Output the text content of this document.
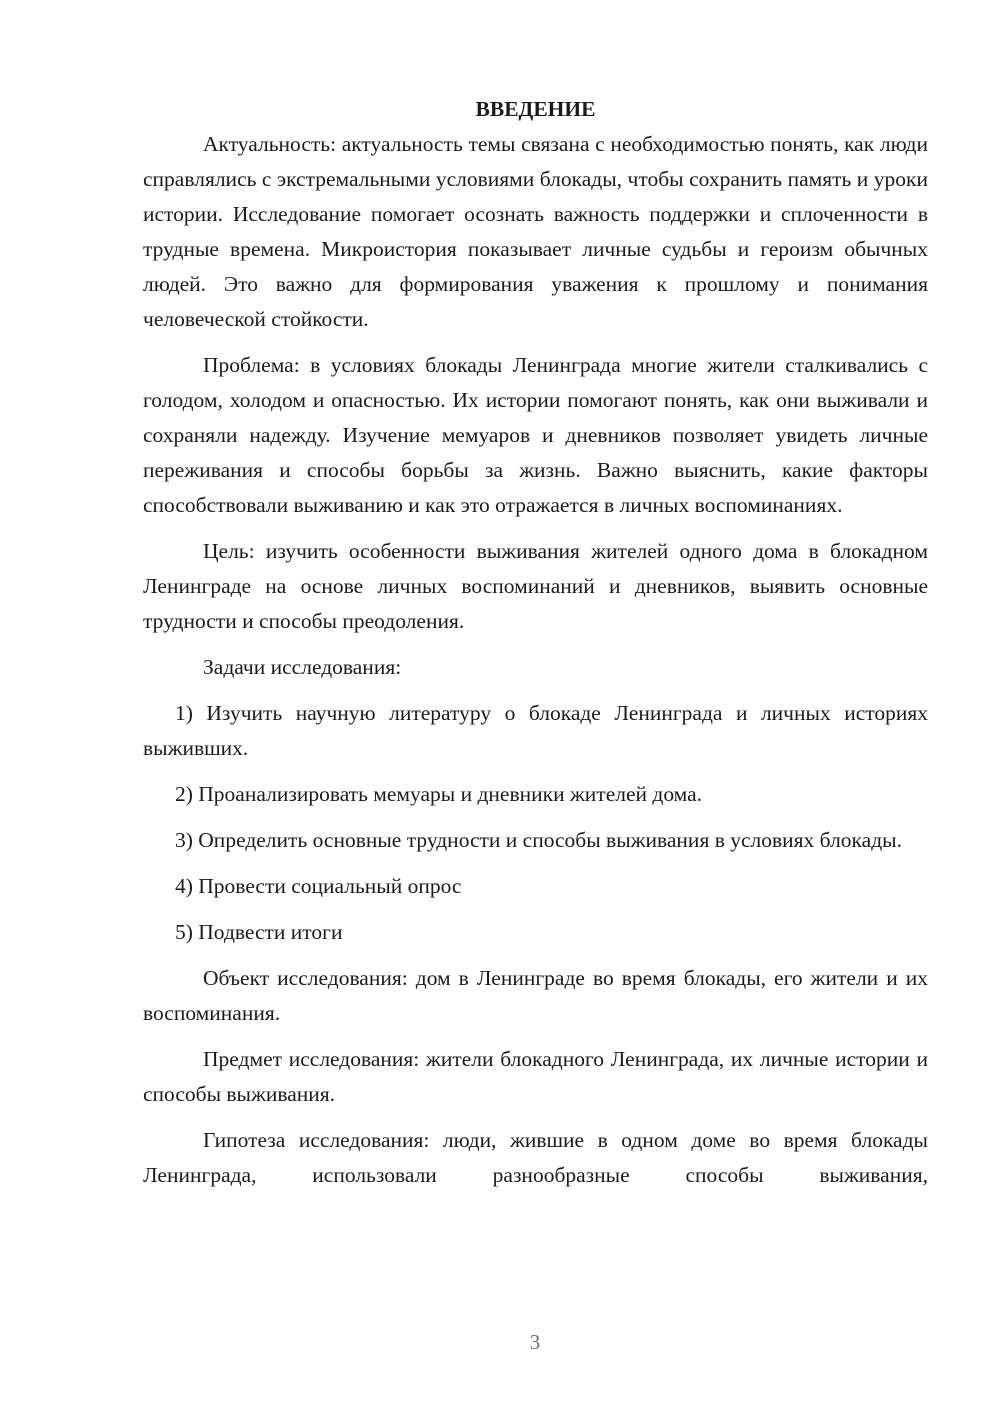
ВВЕДЕНИЕ

Актуальность: актуальность темы связана с необходимостью понять, как люди справлялись с экстремальными условиями блокады, чтобы сохранить память и уроки истории. Исследование помогает осознать важность поддержки и сплоченности в трудные времена. Микроистория показывает личные судьбы и героизм обычных людей. Это важно для формирования уважения к прошлому и понимания человеческой стойкости.

Проблема: в условиях блокады Ленинграда многие жители сталкивались с голодом, холодом и опасностью. Их истории помогают понять, как они выживали и сохраняли надежду. Изучение мемуаров и дневников позволяет увидеть личные переживания и способы борьбы за жизнь. Важно выяснить, какие факторы способствовали выживанию и как это отражается в личных воспоминаниях.

Цель: изучить особенности выживания жителей одного дома в блокадном Ленинграде на основе личных воспоминаний и дневников, выявить основные трудности и способы преодоления.

Задачи исследования:

1) Изучить научную литературу о блокаде Ленинграда и личных историях выживших.

2) Проанализировать мемуары и дневники жителей дома.

3) Определить основные трудности и способы выживания в условиях блокады.

4) Провести социальный опрос

5) Подвести итоги

Объект исследования: дом в Ленинграде во время блокады, его жители и их воспоминания.

Предмет исследования: жители блокадного Ленинграда, их личные истории и способы выживания.

Гипотеза исследования: люди, жившие в одном доме во время блокады Ленинграда, использовали разнообразные способы выживания,

3
